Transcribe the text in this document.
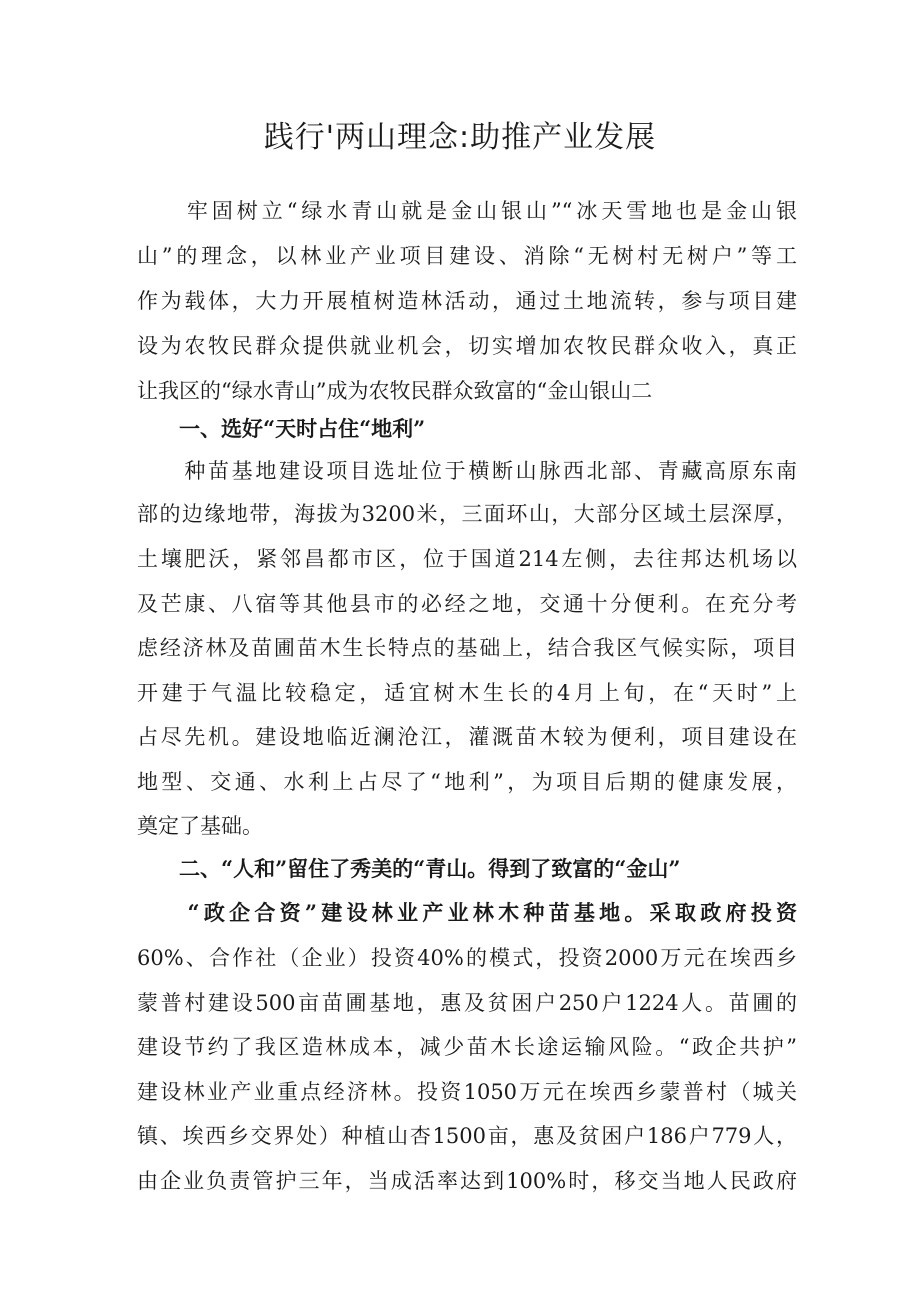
践行'两山理念:助推产业发展
　　牢固树立“绿水青山就是金山银山”“冰天雪地也是金山银
山”的理念，以林业产业项目建设、消除“无树村无树户”等工
作为载体，大力开展植树造林活动，通过土地流转，参与项目建
设为农牧民群众提供就业机会，切实增加农牧民群众收入，真正
让我区的“绿水青山”成为农牧民群众致富的“金山银山二
　　一、选好“天时占住“地利”
　　种苗基地建设项目选址位于横断山脉西北部、青藏高原东南
部的边缘地带，海拔为3200米，三面环山，大部分区域土层深厚，
土壤肥沃，紧邻昌都市区，位于国道214左侧，去往邦达机场以
及芒康、八宿等其他县市的必经之地，交通十分便利。在充分考
虑经济林及苗圃苗木生长特点的基础上，结合我区气候实际，项目
开建于气温比较稳定，适宜树木生长的4月上旬，在“天时”上
占尽先机。建设地临近澜沧江，灌溉苗木较为便利，项目建设在
地型、交通、水利上占尽了“地利”，为项目后期的健康发展，
奠定了基础。
　　二、“人和”留住了秀美的“青山。得到了致富的“金山”
　　“政企合资”建设林业产业林木种苗基地。采取政府投资
60%、合作社（企业）投资40%的模式，投资2000万元在埃西乡
蒙普村建设500亩苗圃基地，惠及贫困户250户1224人。苗圃的
建设节约了我区造林成本，减少苗木长途运输风险。“政企共护”
建设林业产业重点经济林。投资1050万元在埃西乡蒙普村（城关
镇、埃西乡交界处）种植山杏1500亩，惠及贫困户186户779人，
由企业负责管护三年，当成活率达到100%时，移交当地人民政府
